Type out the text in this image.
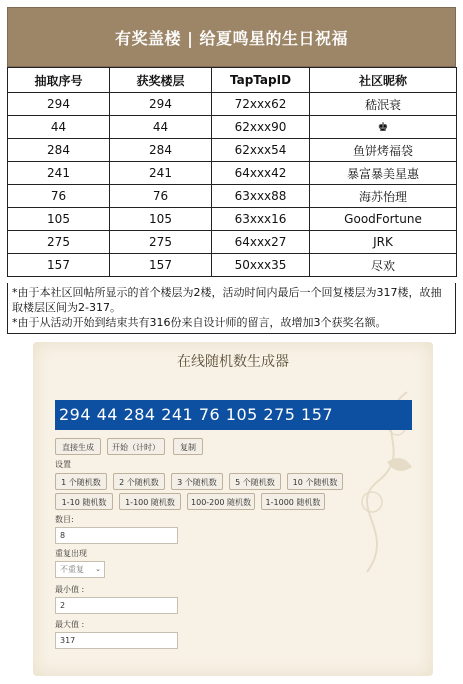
有奖盖楼 | 给夏鸣星的生日祝福
抽取序号	获奖楼层	TapTapID	社区昵称
294	294	72xxx62	嵇泯衰
44	44	62xxx90	♚
284	284	62xxx54	鱼饼烤福袋
241	241	64xxx42	暴富暴美星惠
76	76	63xxx88	海苏怡理
105	105	63xxx16	GoodFortune
275	275	64xxx27	JRK
157	157	50xxx35	尽欢

*由于本社区回帖所显示的首个楼层为2楼，活动时间内最后一个回复楼层为317楼，故抽取楼层区间为2-317。

*由于从活动开始到结束共有316份来自设计师的留言，故增加3个获奖名额。

在线随机数生成器
294 44 284 241 76 105 275 157
直接生成	开始（计时）	复制
设置
1 个随机数	2 个随机数	3 个随机数	5 个随机数	10 个随机数
1-10 随机数	1-100 随机数	100-200 随机数	1-1000 随机数
数目:
8
重复出现
不重复 ⌄
最小值 :
2
最大值 :
317
